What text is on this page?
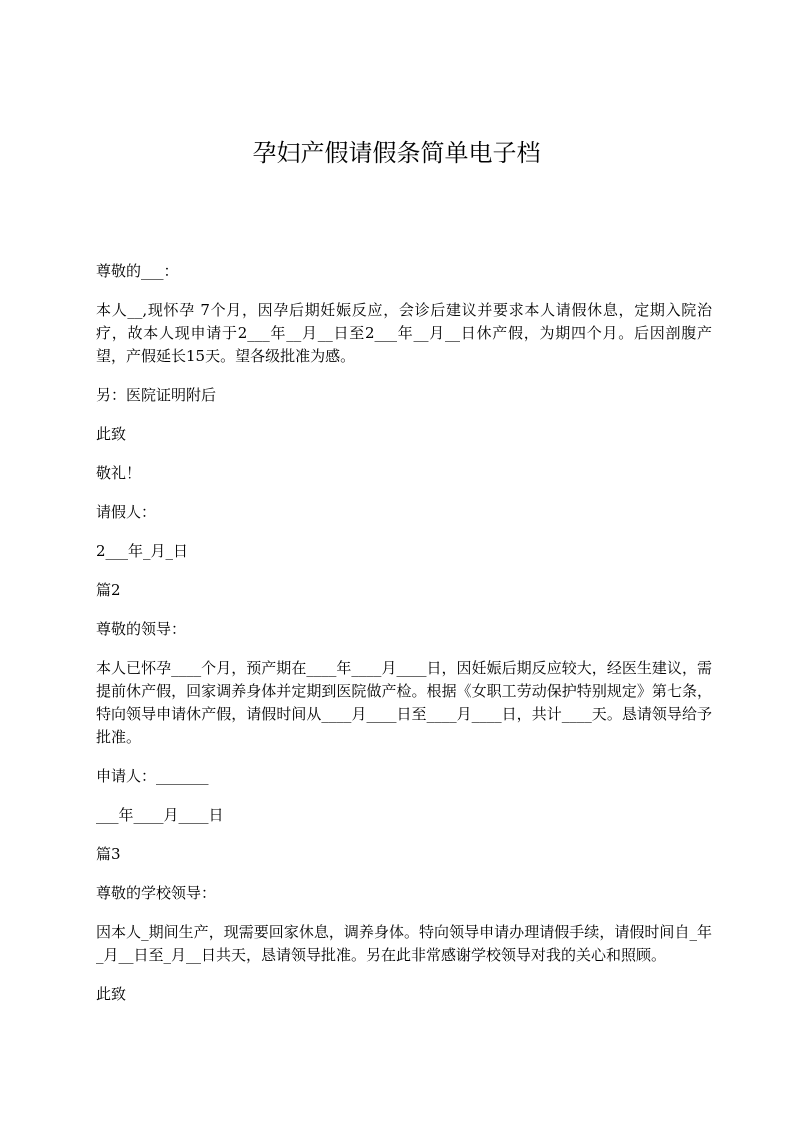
孕妇产假请假条简单电子档

尊敬的___：

本人__,现怀孕 7个月，因孕后期妊娠反应，会诊后建议并要求本人请假休息，定期入院治疗，故本人现申请于2___年__月__日至2___年__月__日休产假，为期四个月。后因剖腹产望，产假延长15天。望各级批准为感。

另：医院证明附后

此致

敬礼！

请假人：

2___年_月_日

篇2

尊敬的领导：

本人已怀孕____个月，预产期在____年____月____日，因妊娠后期反应较大，经医生建议，需提前休产假，回家调养身体并定期到医院做产检。根据《女职工劳动保护特别规定》第七条，特向领导申请休产假，请假时间从____月____日至____月____日，共计____天。恳请领导给予批准。

申请人：_______

___年____月____日

篇3

尊敬的学校领导：

因本人_期间生产，现需要回家休息，调养身体。特向领导申请办理请假手续，请假时间自_年_月__日至_月__日共天，恳请领导批准。另在此非常感谢学校领导对我的关心和照顾。

此致
